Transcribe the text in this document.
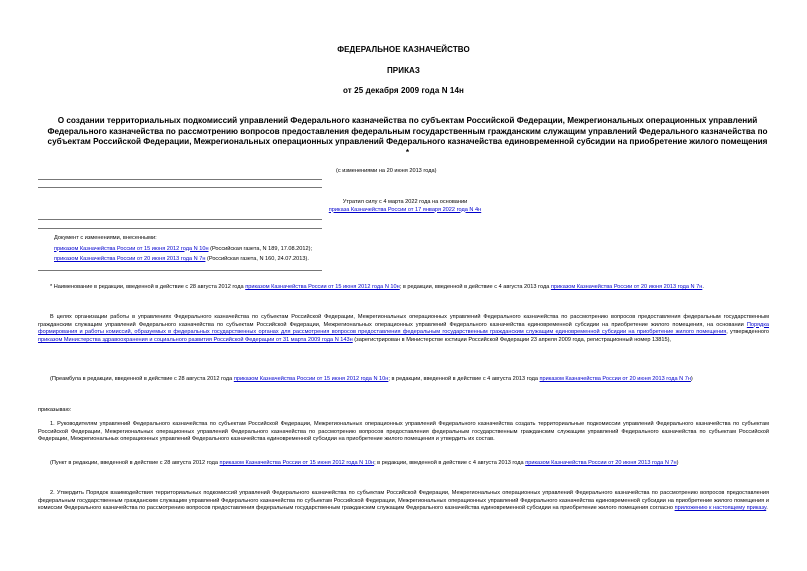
ФЕДЕРАЛЬНОЕ КАЗНАЧЕЙСТВО
ПРИКАЗ
от 25 декабря 2009 года N 14н
О создании территориальных подкомиссий управлений Федерального казначейства по субъектам Российской Федерации, Межрегиональных операционных управлений Федерального казначейства по рассмотрению вопросов предоставления федеральным государственным гражданским служащим управлений Федерального казначейства по субъектам Российской Федерации, Межрегиональных операционных управлений Федерального казначейства единовременной субсидии на приобретение жилого помещения *
(с изменениями на 20 июня 2013 года)
Утратил силу с 4 марта 2022 года на основании
приказа Казначейства России от 17 января 2022 года N 4н
Документ с изменениями, внесенными:
приказом Казначейства России от 15 июня 2012 года N 10н (Российская газета, N 189, 17.08.2012);
приказом Казначейства России от 20 июня 2013 года N 7н (Российская газета, N 160, 24.07.2013).
* Наименование в редакции, введенной в действие с 28 августа 2012 года приказом Казначейства России от 15 июня 2012 года N 10н; в редакции, введенной в действие с 4 августа 2013 года приказом Казначейства России от 20 июня 2013 года N 7н.
В целях организации работы в управлениях Федерального казначейства по субъектам Российской Федерации, Межрегиональных операционных управлений Федерального казначейства по рассмотрению вопросов предоставления федеральным государственным гражданским служащим управлений Федерального казначейства по субъектам Российской Федерации, Межрегиональных операционных управлений Федерального казначейства единовременной субсидии на приобретение жилого помещения, на основании Порядка формирования и работы комиссий, образуемых в федеральных государственных органах для рассмотрения вопросов предоставления федеральным государственным гражданским служащим единовременной субсидии на приобретение жилого помещения, утвержденного приказом Министерства здравоохранения и социального развития Российской Федерации от 31 марта 2009 года N 143н (зарегистрирован в Министерстве юстиции Российской Федерации 23 апреля 2009 года, регистрационный номер 13815),
(Преамбула в редакции, введенной в действие с 28 августа 2012 года приказом Казначейства России от 15 июня 2012 года N 10н; в редакции, введенной в действие с 4 августа 2013 года приказом Казначейства России от 20 июня 2013 года N 7н)
приказываю:
1. Руководителям управлений Федерального казначейства по субъектам Российской Федерации, Межрегиональных операционных управлений Федерального казначейства создать территориальные подкомиссии управлений Федерального казначейства по субъектам Российской Федерации, Межрегиональных операционных управлений Федерального казначейства по рассмотрению вопросов предоставления федеральным государственным гражданским служащим управлений Федерального казначейства по субъектам Российской Федерации, Межрегиональных операционных управлений Федерального казначейства единовременной субсидии на приобретение жилого помещения и утвердить их состав.
(Пункт в редакции, введенной в действие с 28 августа 2012 года приказом Казначейства России от 15 июня 2012 года N 10н; в редакции, введенной в действие с 4 августа 2013 года приказом Казначейства России от 20 июня 2013 года N 7н)
2. Утвердить Порядок взаимодействия территориальных подкомиссий управлений Федерального казначейства по субъектам Российской Федерации, Межрегиональных операционных управлений Федерального казначейства по рассмотрению вопросов предоставления федеральным государственным гражданским служащим управлений Федерального казначейства по субъектам Российской Федерации, Межрегиональных операционных управлений Федерального казначейства единовременной субсидии на приобретение жилого помещения и комиссии Федерального казначейства по рассмотрению вопросов предоставления федеральным государственным гражданским служащим Федерального казначейства единовременной субсидии на приобретение жилого помещения согласно приложению к настоящему приказу.
